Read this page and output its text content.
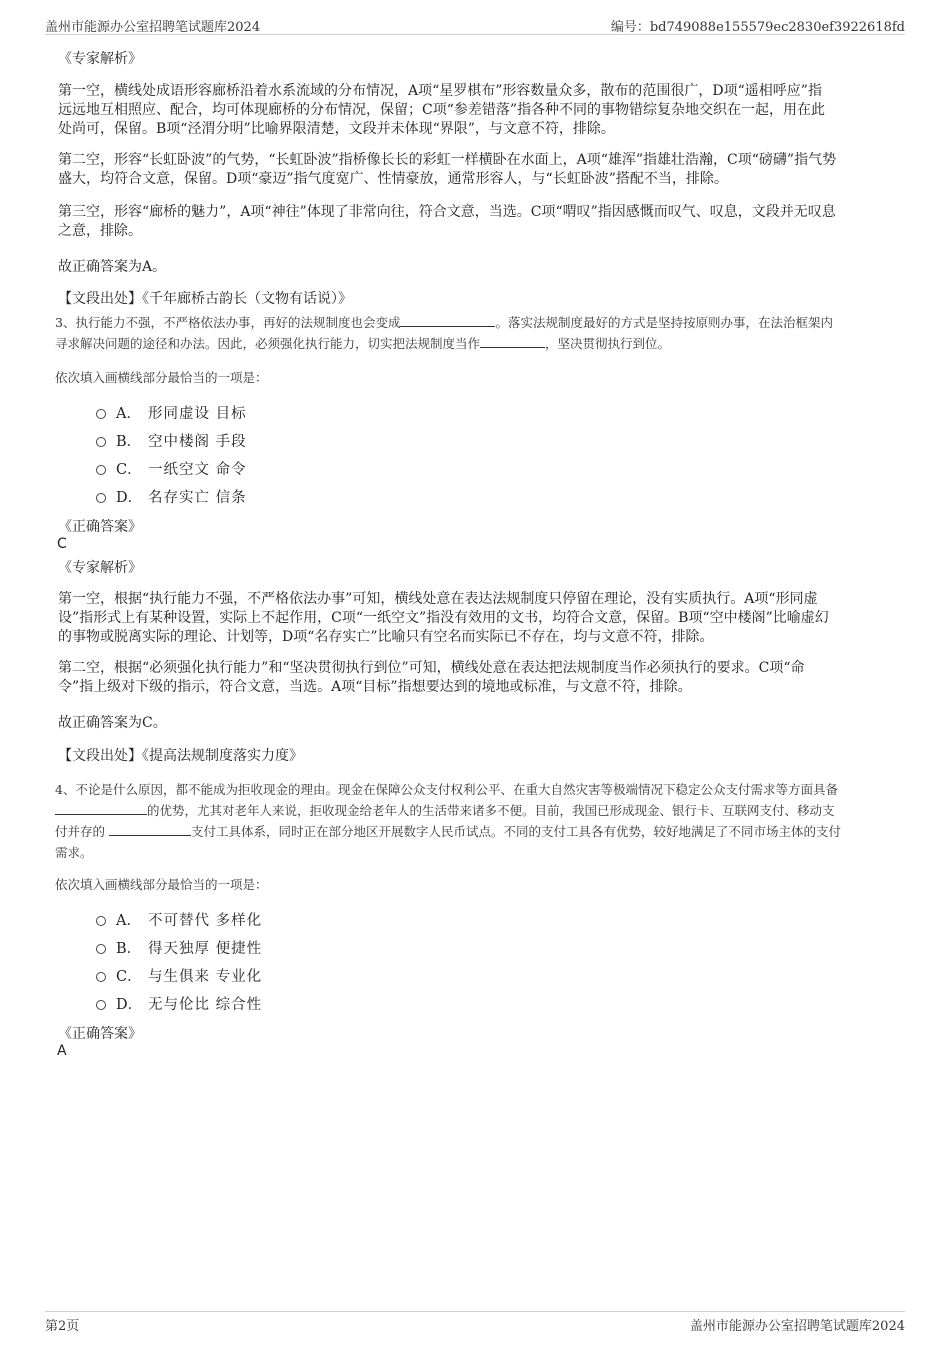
盖州市能源办公室招聘笔试题库2024	编号：bd749088e155579ec2830ef3922618fd
《专家解析》
第一空，横线处成语形容廊桥沿着水系流域的分布情况，A项“星罗棋布”形容数量众多，散布的范围很广，D项“遥相呼应”指
远远地互相照应、配合，均可体现廊桥的分布情况，保留；C项“参差错落”指各种不同的事物错综复杂地交织在一起，用在此
处尚可，保留。B项“泾渭分明”比喻界限清楚，文段并未体现“界限”，与文意不符，排除。
第二空，形容“长虹卧波”的气势，“长虹卧波”指桥像长长的彩虹一样横卧在水面上，A项“雄浑”指雄壮浩瀚，C项“磅礴”指气势
盛大，均符合文意，保留。D项“豪迈”指气度宽广、性情豪放，通常形容人，与“长虹卧波”搭配不当，排除。
第三空，形容“廊桥的魅力”，A项“神往”体现了非常向往，符合文意，当选。C项“喟叹”指因感慨而叹气、叹息，文段并无叹息
之意，排除。
故正确答案为A。
【文段出处】《千年廊桥古韵长（文物有话说）》
3、执行能力不强，不严格依法办事，再好的法规制度也会变成	。落实法规制度最好的方式是坚持按原则办事，在法治框架内
寻求解决问题的途径和办法。因此，必须强化执行能力，切实把法规制度当作	，坚决贯彻执行到位。
依次填入画横线部分最恰当的一项是：
A． 形同虚设 目标
B． 空中楼阁 手段
C． 一纸空文 命令
D． 名存实亡 信条
《正确答案》
C
《专家解析》
第一空，根据“执行能力不强，不严格依法办事”可知，横线处意在表达法规制度只停留在理论，没有实质执行。A项“形同虚
设”指形式上有某种设置，实际上不起作用，C项“一纸空文”指没有效用的文书，均符合文意，保留。B项“空中楼阁”比喻虚幻
的事物或脱离实际的理论、计划等，D项“名存实亡”比喻只有空名而实际已不存在，均与文意不符，排除。
第二空，根据“必须强化执行能力”和“坚决贯彻执行到位”可知，横线处意在表达把法规制度当作必须执行的要求。C项“命
令”指上级对下级的指示，符合文意，当选。A项“目标”指想要达到的境地或标准，与文意不符，排除。
故正确答案为C。
【文段出处】《提高法规制度落实力度》
4、不论是什么原因，都不能成为拒收现金的理由。现金在保障公众支付权利公平、在重大自然灾害等极端情况下稳定公众支付需求等方面具备
的优势，尤其对老年人来说，拒收现金给老年人的生活带来诸多不便。目前，我国已形成现金、银行卡、互联网支付、移动支
付并存的	支付工具体系，同时正在部分地区开展数字人民币试点。不同的支付工具各有优势，较好地满足了不同市场主体的支付
需求。
依次填入画横线部分最恰当的一项是：
A． 不可替代 多样化
B． 得天独厚 便捷性
C． 与生俱来 专业化
D． 无与伦比 综合性
《正确答案》
A
第2页	盖州市能源办公室招聘笔试题库2024
